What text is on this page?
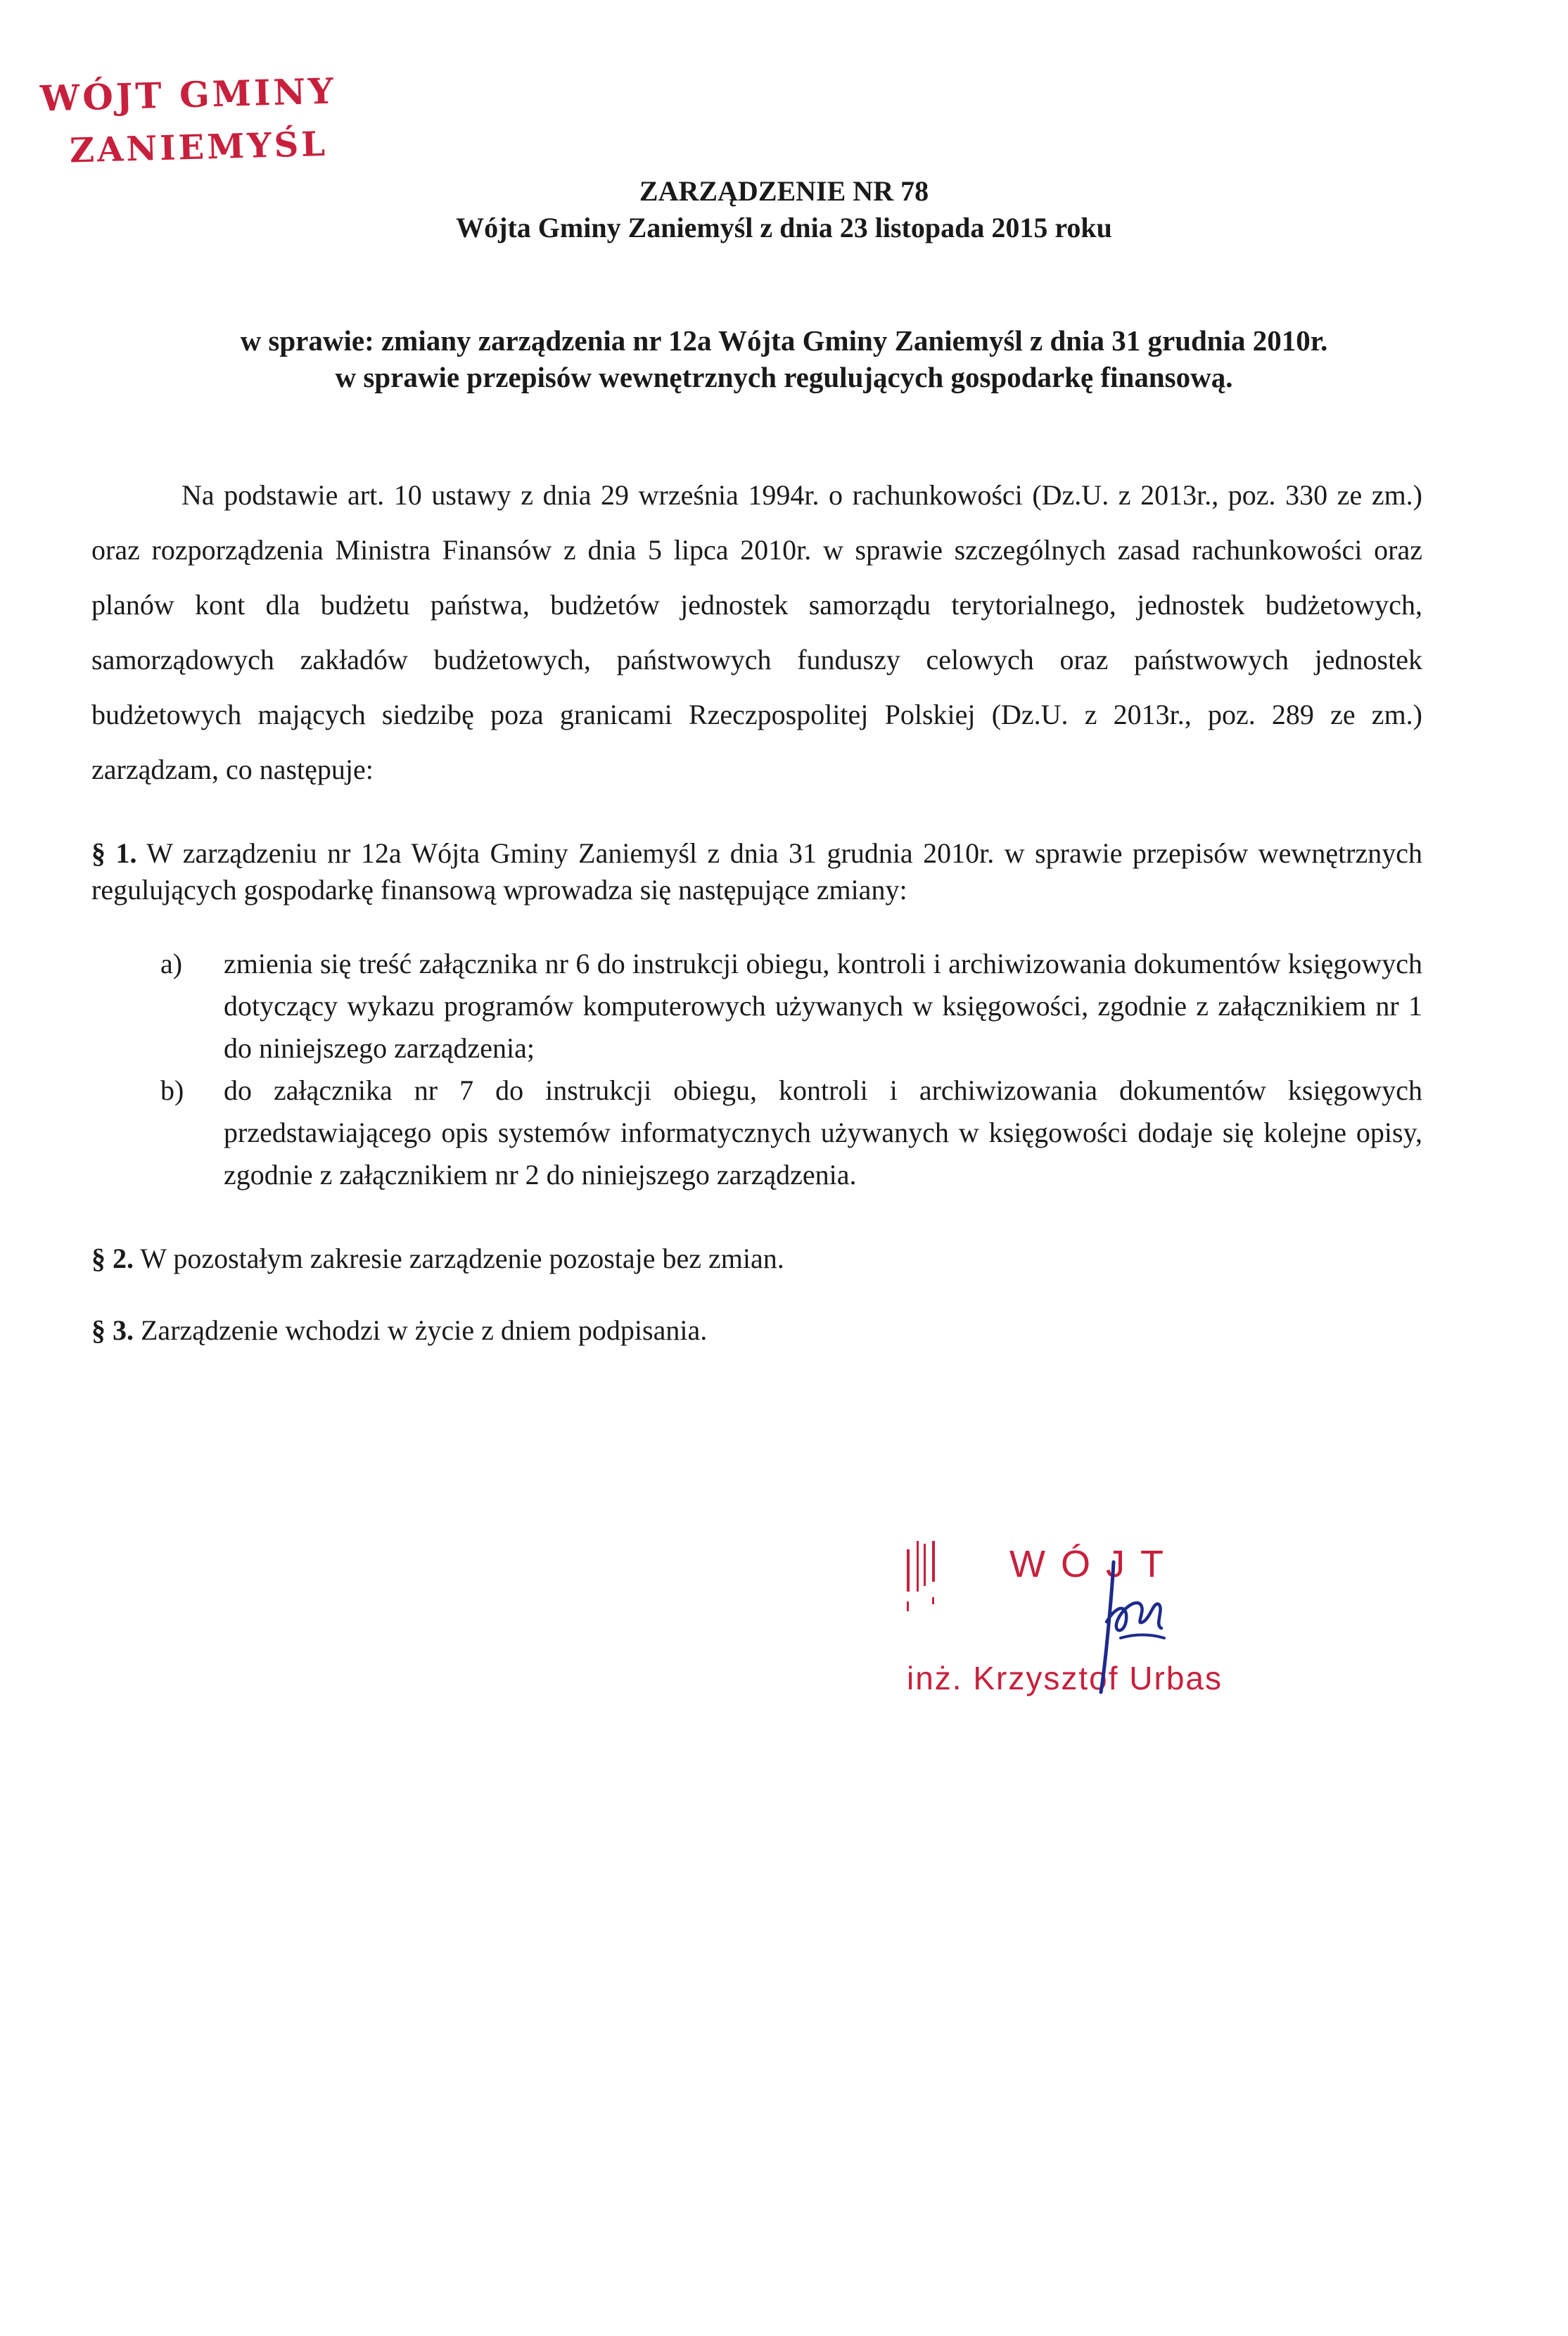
WÓJT GMINY
ZANIEMYŚL
ZARZĄDZENIE NR 78
Wójta Gminy Zaniemyśl z dnia 23 listopada 2015 roku
w sprawie: zmiany zarządzenia nr 12a Wójta Gminy Zaniemyśl z dnia 31 grudnia 2010r.
w sprawie przepisów wewnętrznych regulujących gospodarkę finansową.

Na podstawie art. 10 ustawy z dnia 29 września 1994r. o rachunkowości (Dz.U. z 2013r., poz. 330 ze zm.) oraz rozporządzenia Ministra Finansów z dnia 5 lipca 2010r. w sprawie szczególnych zasad rachunkowości oraz planów kont dla budżetu państwa, budżetów jednostek samorządu terytorialnego, jednostek budżetowych, samorządowych zakładów budżetowych, państwowych funduszy celowych oraz państwowych jednostek budżetowych mających siedzibę poza granicami Rzeczpospolitej Polskiej (Dz.U. z 2013r., poz. 289 ze zm.) zarządzam, co następuje:

§ 1. W zarządzeniu nr 12a Wójta Gminy Zaniemyśl z dnia 31 grudnia 2010r. w sprawie przepisów wewnętrznych regulujących gospodarkę finansową wprowadza się następujące zmiany:

a)	zmienia się treść załącznika nr 6 do instrukcji obiegu, kontroli i archiwizowania dokumentów księgowych dotyczący wykazu programów komputerowych używanych w księgowości, zgodnie z załącznikiem nr 1 do niniejszego zarządzenia;
b)	do załącznika nr 7 do instrukcji obiegu, kontroli i archiwizowania dokumentów księgowych przedstawiającego opis systemów informatycznych używanych w księgowości dodaje się kolejne opisy, zgodnie z załącznikiem nr 2 do niniejszego zarządzenia.

§ 2. W pozostałym zakresie zarządzenie pozostaje bez zmian.

§ 3. Zarządzenie wchodzi w życie z dniem podpisania.

WÓJT
inż. Krzysztof Urbas
